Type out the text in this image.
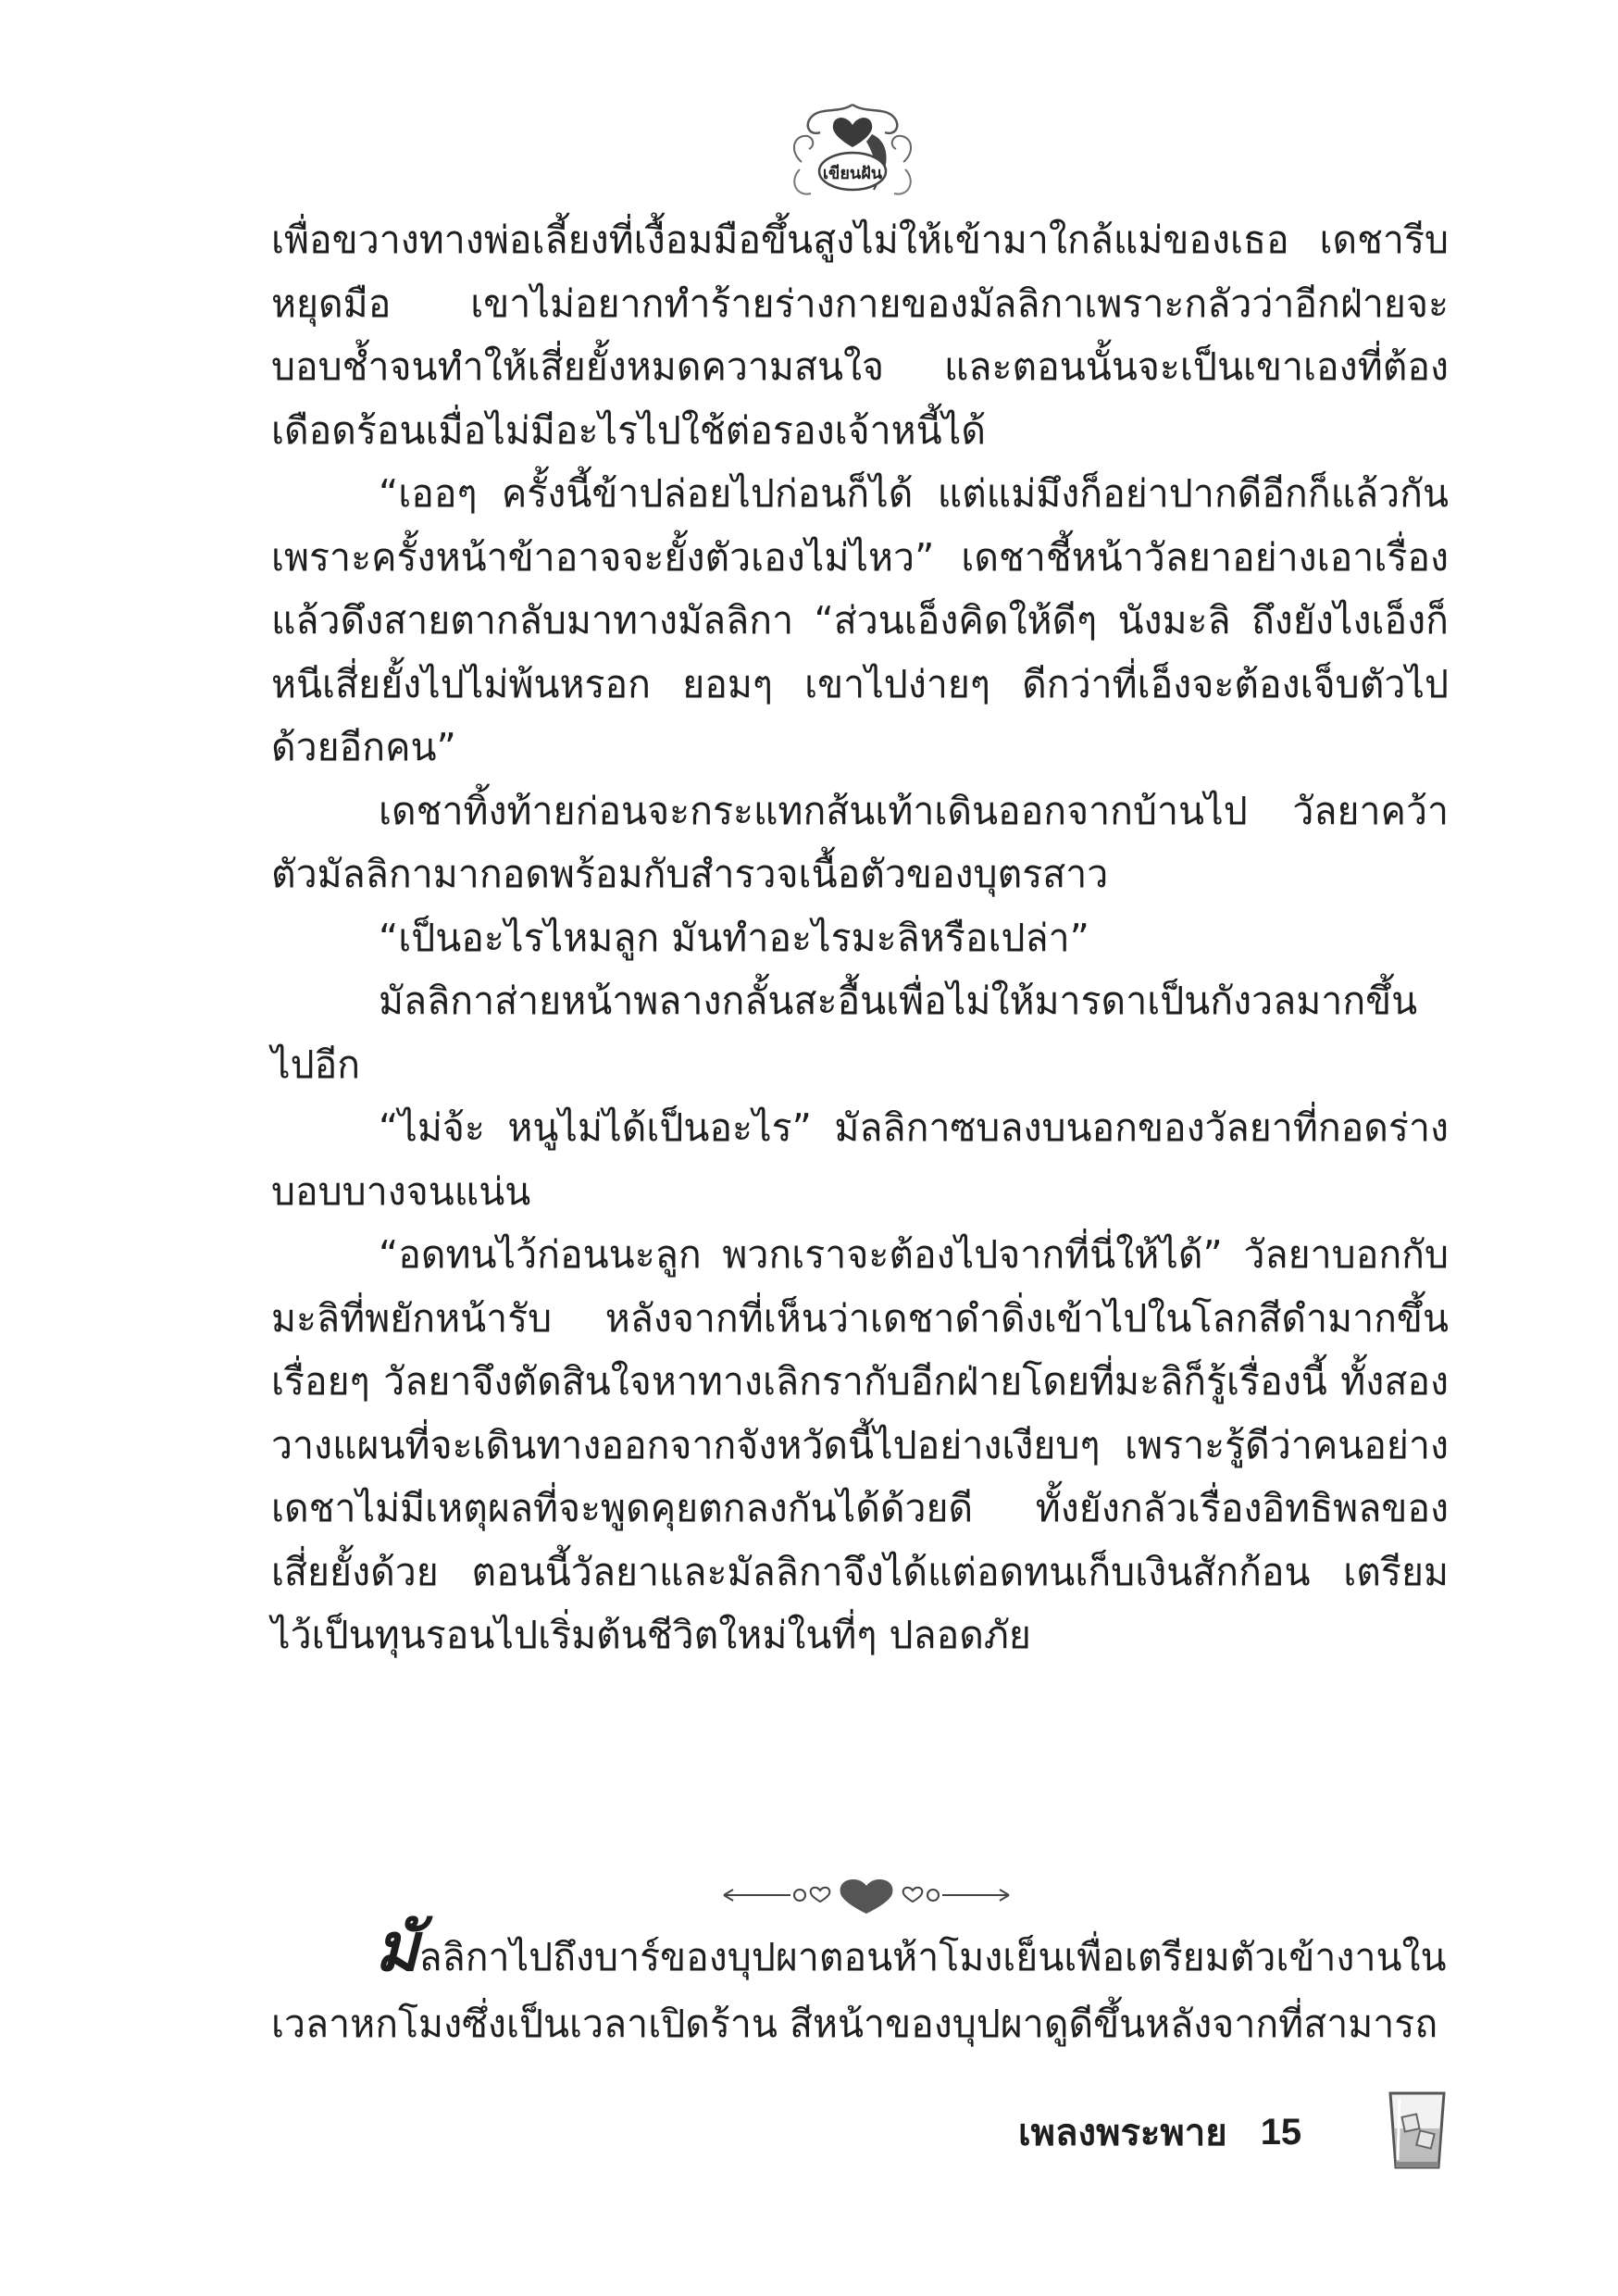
เขียนฝัน

เพื่อขวางทางพ่อเลี้ยงที่เงื้อมมือขึ้นสูงไม่ให้เข้ามาใกล้แม่ของเธอ เดชารีบ หยุดมือ เขาไม่อยากทำร้ายร่างกายของมัลลิกาเพราะกลัวว่าอีกฝ่ายจะ บอบช้ำจนทำให้เสี่ยยั้งหมดความสนใจ และตอนนั้นจะเป็นเขาเองที่ต้อง เดือดร้อนเมื่อไม่มีอะไรไปใช้ต่อรองเจ้าหนี้ได้

“เออๆ ครั้งนี้ข้าปล่อยไปก่อนก็ได้ แต่แม่มึงก็อย่าปากดีอีกก็แล้วกัน เพราะครั้งหน้าข้าอาจจะยั้งตัวเองไม่ไหว” เดชาชี้หน้าวัลยาอย่างเอาเรื่อง แล้วดึงสายตากลับมาทางมัลลิกา “ส่วนเอ็งคิดให้ดีๆ นังมะลิ ถึงยังไงเอ็งก็ หนีเสี่ยยั้งไปไม่พ้นหรอก ยอมๆ เขาไปง่ายๆ ดีกว่าที่เอ็งจะต้องเจ็บตัวไป ด้วยอีกคน”

เดชาทิ้งท้ายก่อนจะกระแทกส้นเท้าเดินออกจากบ้านไป วัลยาคว้า ตัวมัลลิกามากอดพร้อมกับสำรวจเนื้อตัวของบุตรสาว

“เป็นอะไรไหมลูก มันทำอะไรมะลิหรือเปล่า”

มัลลิกาส่ายหน้าพลางกลั้นสะอื้นเพื่อไม่ให้มารดาเป็นกังวลมากขึ้น ไปอีก

“ไม่จ้ะ หนูไม่ได้เป็นอะไร” มัลลิกาซบลงบนอกของวัลยาที่กอดร่าง บอบบางจนแน่น

“อดทนไว้ก่อนนะลูก พวกเราจะต้องไปจากที่นี่ให้ได้” วัลยาบอกกับ มะลิที่พยักหน้ารับ หลังจากที่เห็นว่าเดชาดำดิ่งเข้าไปในโลกสีดำมากขึ้น เรื่อยๆ วัลยาจึงตัดสินใจหาทางเลิกรากับอีกฝ่ายโดยที่มะลิก็รู้เรื่องนี้ ทั้งสอง วางแผนที่จะเดินทางออกจากจังหวัดนี้ไปอย่างเงียบๆ เพราะรู้ดีว่าคนอย่าง เดชาไม่มีเหตุผลที่จะพูดคุยตกลงกันได้ด้วยดี ทั้งยังกลัวเรื่องอิทธิพลของ เสี่ยยั้งด้วย ตอนนี้วัลยาและมัลลิกาจึงได้แต่อดทนเก็บเงินสักก้อน เตรียม ไว้เป็นทุนรอนไปเริ่มต้นชีวิตใหม่ในที่ๆ ปลอดภัย

มัลลิกาไปถึงบาร์ของบุปผาตอนห้าโมงเย็นเพื่อเตรียมตัวเข้างานใน เวลาหกโมงซึ่งเป็นเวลาเปิดร้าน สีหน้าของบุปผาดูดีขึ้นหลังจากที่สามารถ

เพลงพระพาย 15
